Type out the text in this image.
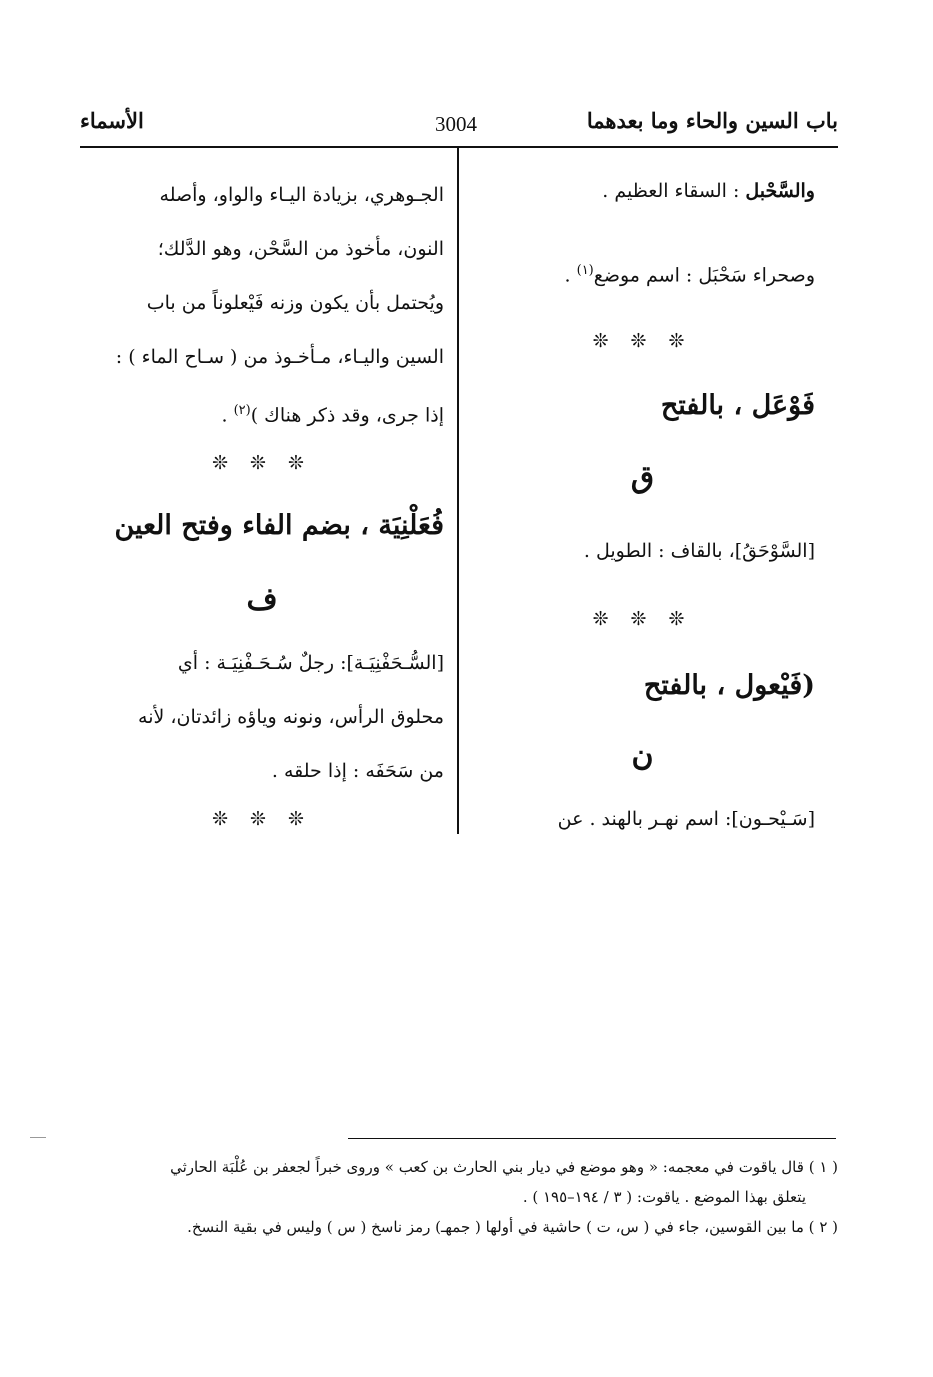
باب السين والحاء وما بعدهما
3004
الأسماء

والسَّحْبل : السقاء العظيم .

وصحراء سَحْبَل : اسم موضع$^{(١)}$ .

❊ ❊ ❊
فَوْعَل ، بالفتح
ق

[السَّوْحَقُ]، بالقاف : الطويل .

❊ ❊ ❊
(فَيْعول ، بالفتح
ن

[سَـيْحـون]: اسم نهـر بالهند . عن

الجـوهري، بزيادة اليـاء والواو، وأصله

النون، مأخوذ من السَّحْن، وهو الدَّلك؛

ويُحتمل بأن يكون وزنه فَيْعلوناً من باب

السين واليـاء، مـأخـوذ من ( سـاح الماء ) :

إذا جرى، وقد ذكر هناك )$^{(٢)}$ .

❊ ❊ ❊
فُعَلْنِيَة ، بضم الفاء وفتح العين
ف

[السُّـحَفْنِيَـة]: رجلٌ سُـحَـفْنِيَـة : أي

محلوق الرأس، ونونه وياؤه زائدتان، لأنه

من سَحَفَه : إذا حلقه .

❊ ❊ ❊

( ١ ) قال ياقوت في معجمه: « وهو موضع في ديار بني الحارث بن كعب » وروى خبراً لجعفر بن عُلْبَة الحارثي

يتعلق بهذا الموضع . ياقوت: ( ٣ / ١٩٤–١٩٥ ) .

( ٢ ) ما بين القوسين، جاء في ( س، ت ) حاشية في أولها ( جمهـ) رمز ناسخ ( س ) وليس في بقية النسخ.
